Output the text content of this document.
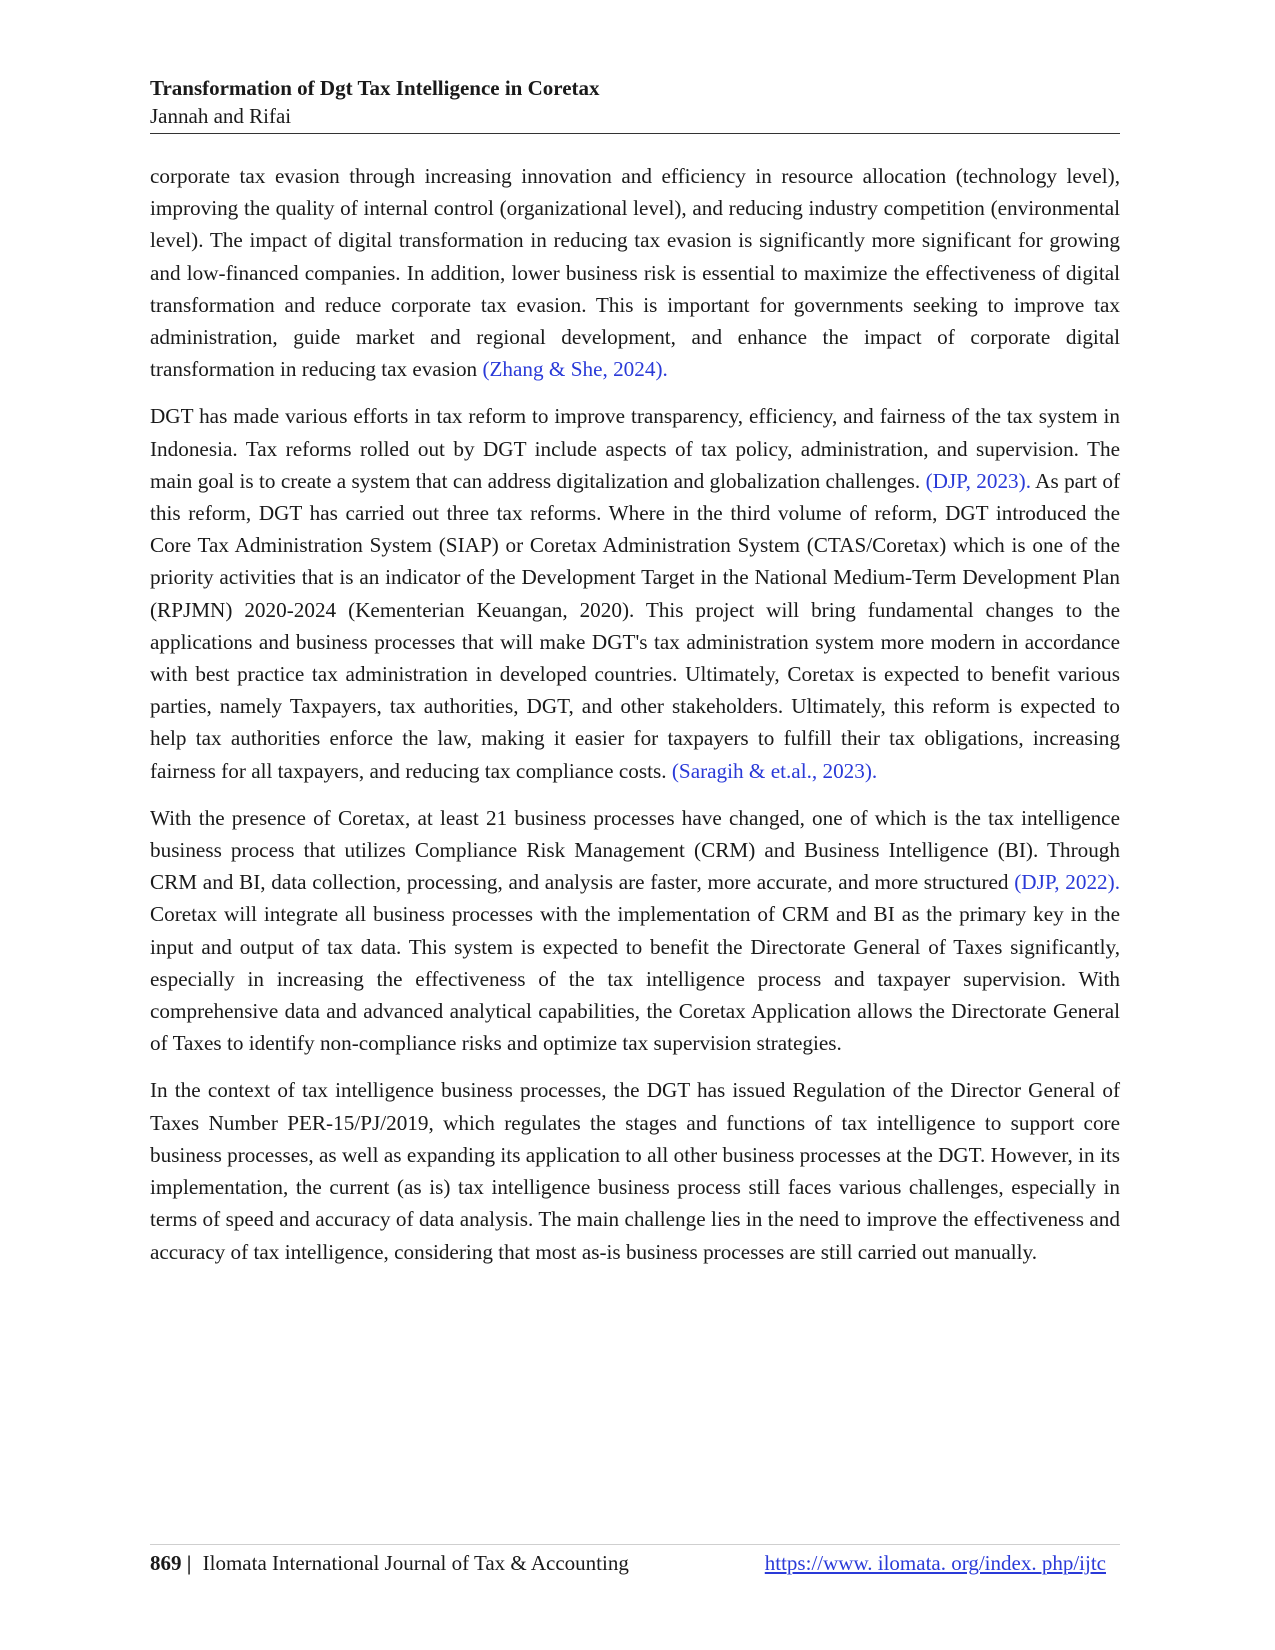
Transformation of Dgt Tax Intelligence in Coretax
Jannah and Rifai

corporate tax evasion through increasing innovation and efficiency in resource allocation (technology level), improving the quality of internal control (organizational level), and reducing industry competition (environmental level). The impact of digital transformation in reducing tax evasion is significantly more significant for growing and low-financed companies. In addition, lower business risk is essential to maximize the effectiveness of digital transformation and reduce corporate tax evasion. This is important for governments seeking to improve tax administration, guide market and regional development, and enhance the impact of corporate digital transformation in reducing tax evasion (Zhang & She, 2024).

DGT has made various efforts in tax reform to improve transparency, efficiency, and fairness of the tax system in Indonesia. Tax reforms rolled out by DGT include aspects of tax policy, administration, and supervision. The main goal is to create a system that can address digitalization and globalization challenges. (DJP, 2023). As part of this reform, DGT has carried out three tax reforms. Where in the third volume of reform, DGT introduced the Core Tax Administration System (SIAP) or Coretax Administration System (CTAS/Coretax) which is one of the priority activities that is an indicator of the Development Target in the National Medium-Term Development Plan (RPJMN) 2020-2024 (Kementerian Keuangan, 2020). This project will bring fundamental changes to the applications and business processes that will make DGT's tax administration system more modern in accordance with best practice tax administration in developed countries. Ultimately, Coretax is expected to benefit various parties, namely Taxpayers, tax authorities, DGT, and other stakeholders. Ultimately, this reform is expected to help tax authorities enforce the law, making it easier for taxpayers to fulfill their tax obligations, increasing fairness for all taxpayers, and reducing tax compliance costs. (Saragih & et.al., 2023).

With the presence of Coretax, at least 21 business processes have changed, one of which is the tax intelligence business process that utilizes Compliance Risk Management (CRM) and Business Intelligence (BI). Through CRM and BI, data collection, processing, and analysis are faster, more accurate, and more structured (DJP, 2022). Coretax will integrate all business processes with the implementation of CRM and BI as the primary key in the input and output of tax data. This system is expected to benefit the Directorate General of Taxes significantly, especially in increasing the effectiveness of the tax intelligence process and taxpayer supervision. With comprehensive data and advanced analytical capabilities, the Coretax Application allows the Directorate General of Taxes to identify non-compliance risks and optimize tax supervision strategies.

In the context of tax intelligence business processes, the DGT has issued Regulation of the Director General of Taxes Number PER-15/PJ/2019, which regulates the stages and functions of tax intelligence to support core business processes, as well as expanding its application to all other business processes at the DGT. However, in its implementation, the current (as is) tax intelligence business process still faces various challenges, especially in terms of speed and accuracy of data analysis. The main challenge lies in the need to improve the effectiveness and accuracy of tax intelligence, considering that most as-is business processes are still carried out manually.

869 | Ilomata International Journal of Tax & Accounting	https://www. ilomata. org/index. php/ijtc
